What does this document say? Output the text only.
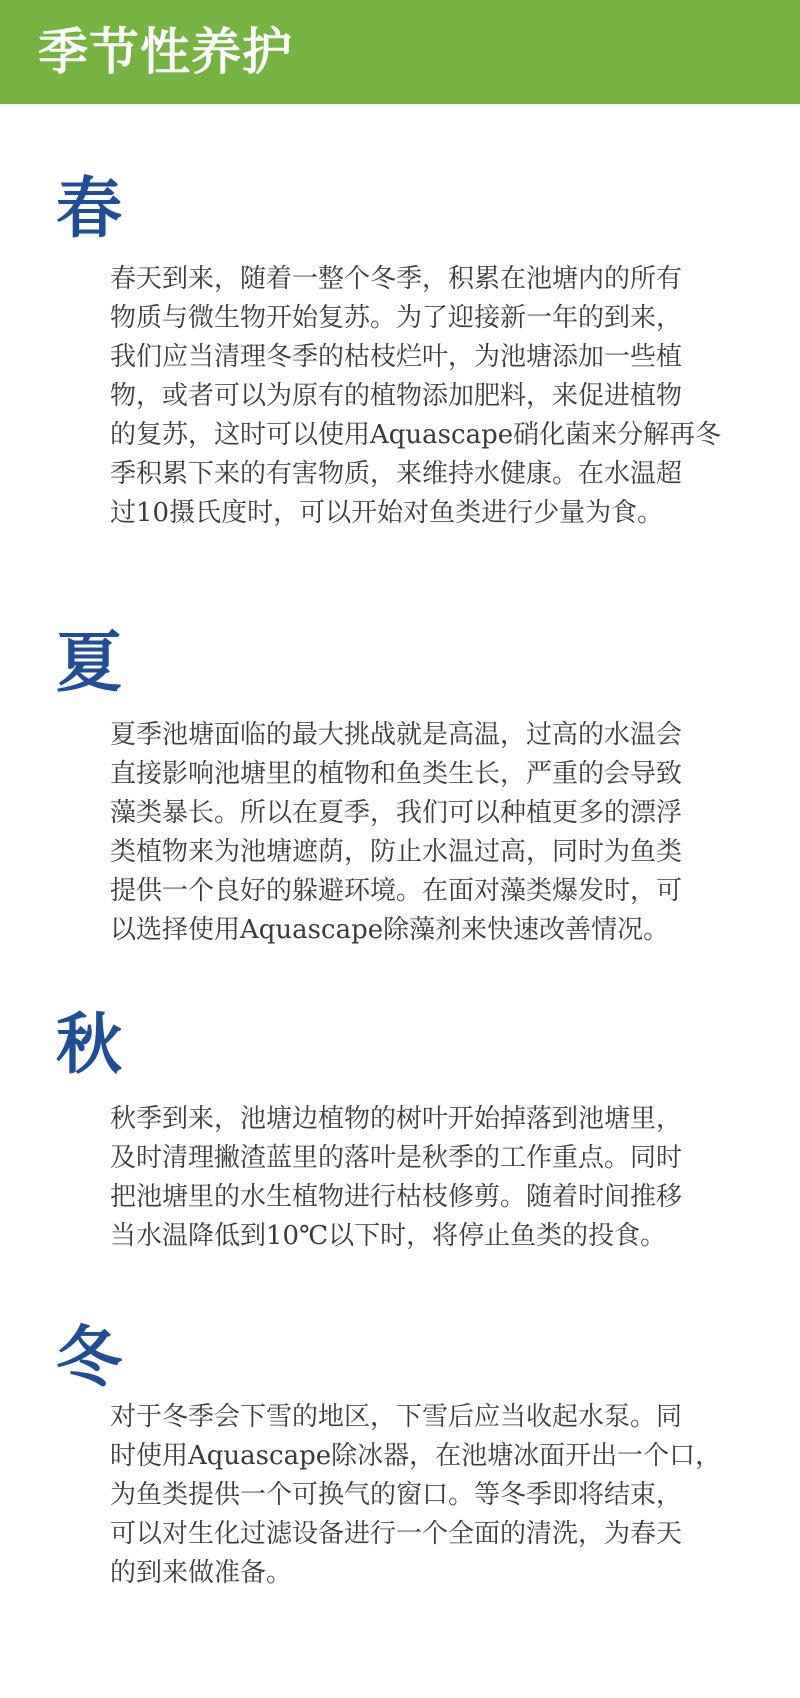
季节性养护
春
春天到来，随着一整个冬季，积累在池塘内的所有
物质与微生物开始复苏。为了迎接新一年的到来，
我们应当清理冬季的枯枝烂叶，为池塘添加一些植
物，或者可以为原有的植物添加肥料，来促进植物
的复苏，这时可以使用Aquascape硝化菌来分解再冬
季积累下来的有害物质，来维持水健康。在水温超
过10摄氏度时，可以开始对鱼类进行少量为食。
夏
夏季池塘面临的最大挑战就是高温，过高的水温会
直接影响池塘里的植物和鱼类生长，严重的会导致
藻类暴长。所以在夏季，我们可以种植更多的漂浮
类植物来为池塘遮荫，防止水温过高，同时为鱼类
提供一个良好的躲避环境。在面对藻类爆发时，可
以选择使用Aquascape除藻剂来快速改善情况。
秋
秋季到来，池塘边植物的树叶开始掉落到池塘里，
及时清理撇渣蓝里的落叶是秋季的工作重点。同时
把池塘里的水生植物进行枯枝修剪。随着时间推移
当水温降低到10℃以下时，将停止鱼类的投食。
冬
对于冬季会下雪的地区，下雪后应当收起水泵。同
时使用Aquascape除冰器，在池塘冰面开出一个口，
为鱼类提供一个可换气的窗口。等冬季即将结束，
可以对生化过滤设备进行一个全面的清洗，为春天
的到来做准备。
